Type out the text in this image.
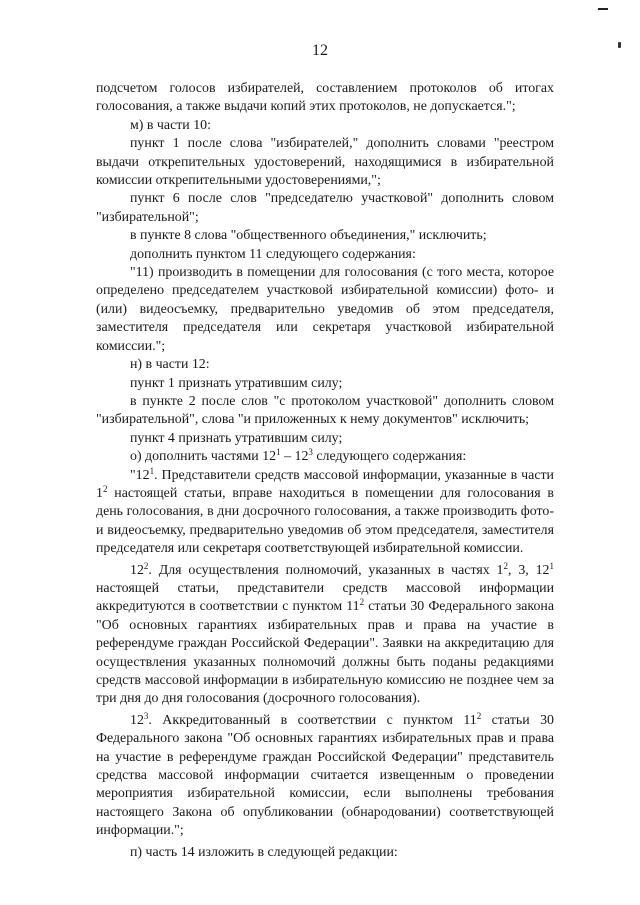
12

подсчетом голосов избирателей, составлением протоколов об итогах голосования, а также выдачи копий этих протоколов, не допускается.";

м) в части 10:

пункт 1 после слова "избирателей," дополнить словами "реестром выдачи открепительных удостоверений, находящимися в избирательной комиссии открепительными удостоверениями,";

пункт 6 после слов "председателю участковой" дополнить словом "избирательной";

в пункте 8 слова "общественного объединения," исключить;

дополнить пунктом 11 следующего содержания:

"11) производить в помещении для голосования (с того места, которое определено председателем участковой избирательной комиссии) фото- и (или) видеосъемку, предварительно уведомив об этом председателя, заместителя председателя или секретаря участковой избирательной комиссии.";

н) в части 12:

пункт 1 признать утратившим силу;

в пункте 2 после слов "с протоколом участковой" дополнить словом "избирательной", слова "и приложенных к нему документов" исключить;

пункт 4 признать утратившим силу;

о) дополнить частями $12^1 - 12^3$ следующего содержания:

"$12^1$. Представители средств массовой информации, указанные в части $1^2$ настоящей статьи, вправе находиться в помещении для голосования в день голосования, в дни досрочного голосования, а также производить фото- и видеосъемку, предварительно уведомив об этом председателя, заместителя председателя или секретаря соответствующей избирательной комиссии.

$12^2$. Для осуществления полномочий, указанных в частях $1^2$, 3, $12^1$ настоящей статьи, представители средств массовой информации аккредитуются в соответствии с пунктом $11^2$ статьи 30 Федерального закона "Об основных гарантиях избирательных прав и права на участие в референдуме граждан Российской Федерации". Заявки на аккредитацию для осуществления указанных полномочий должны быть поданы редакциями средств массовой информации в избирательную комиссию не позднее чем за три дня до дня голосования (досрочного голосования).

$12^3$. Аккредитованный в соответствии с пунктом $11^2$ статьи 30 Федерального закона "Об основных гарантиях избирательных прав и права на участие в референдуме граждан Российской Федерации" представитель средства массовой информации считается извещенным о проведении мероприятия избирательной комиссии, если выполнены требования настоящего Закона об опубликовании (обнародовании) соответствующей информации.";

п) часть 14 изложить в следующей редакции:
